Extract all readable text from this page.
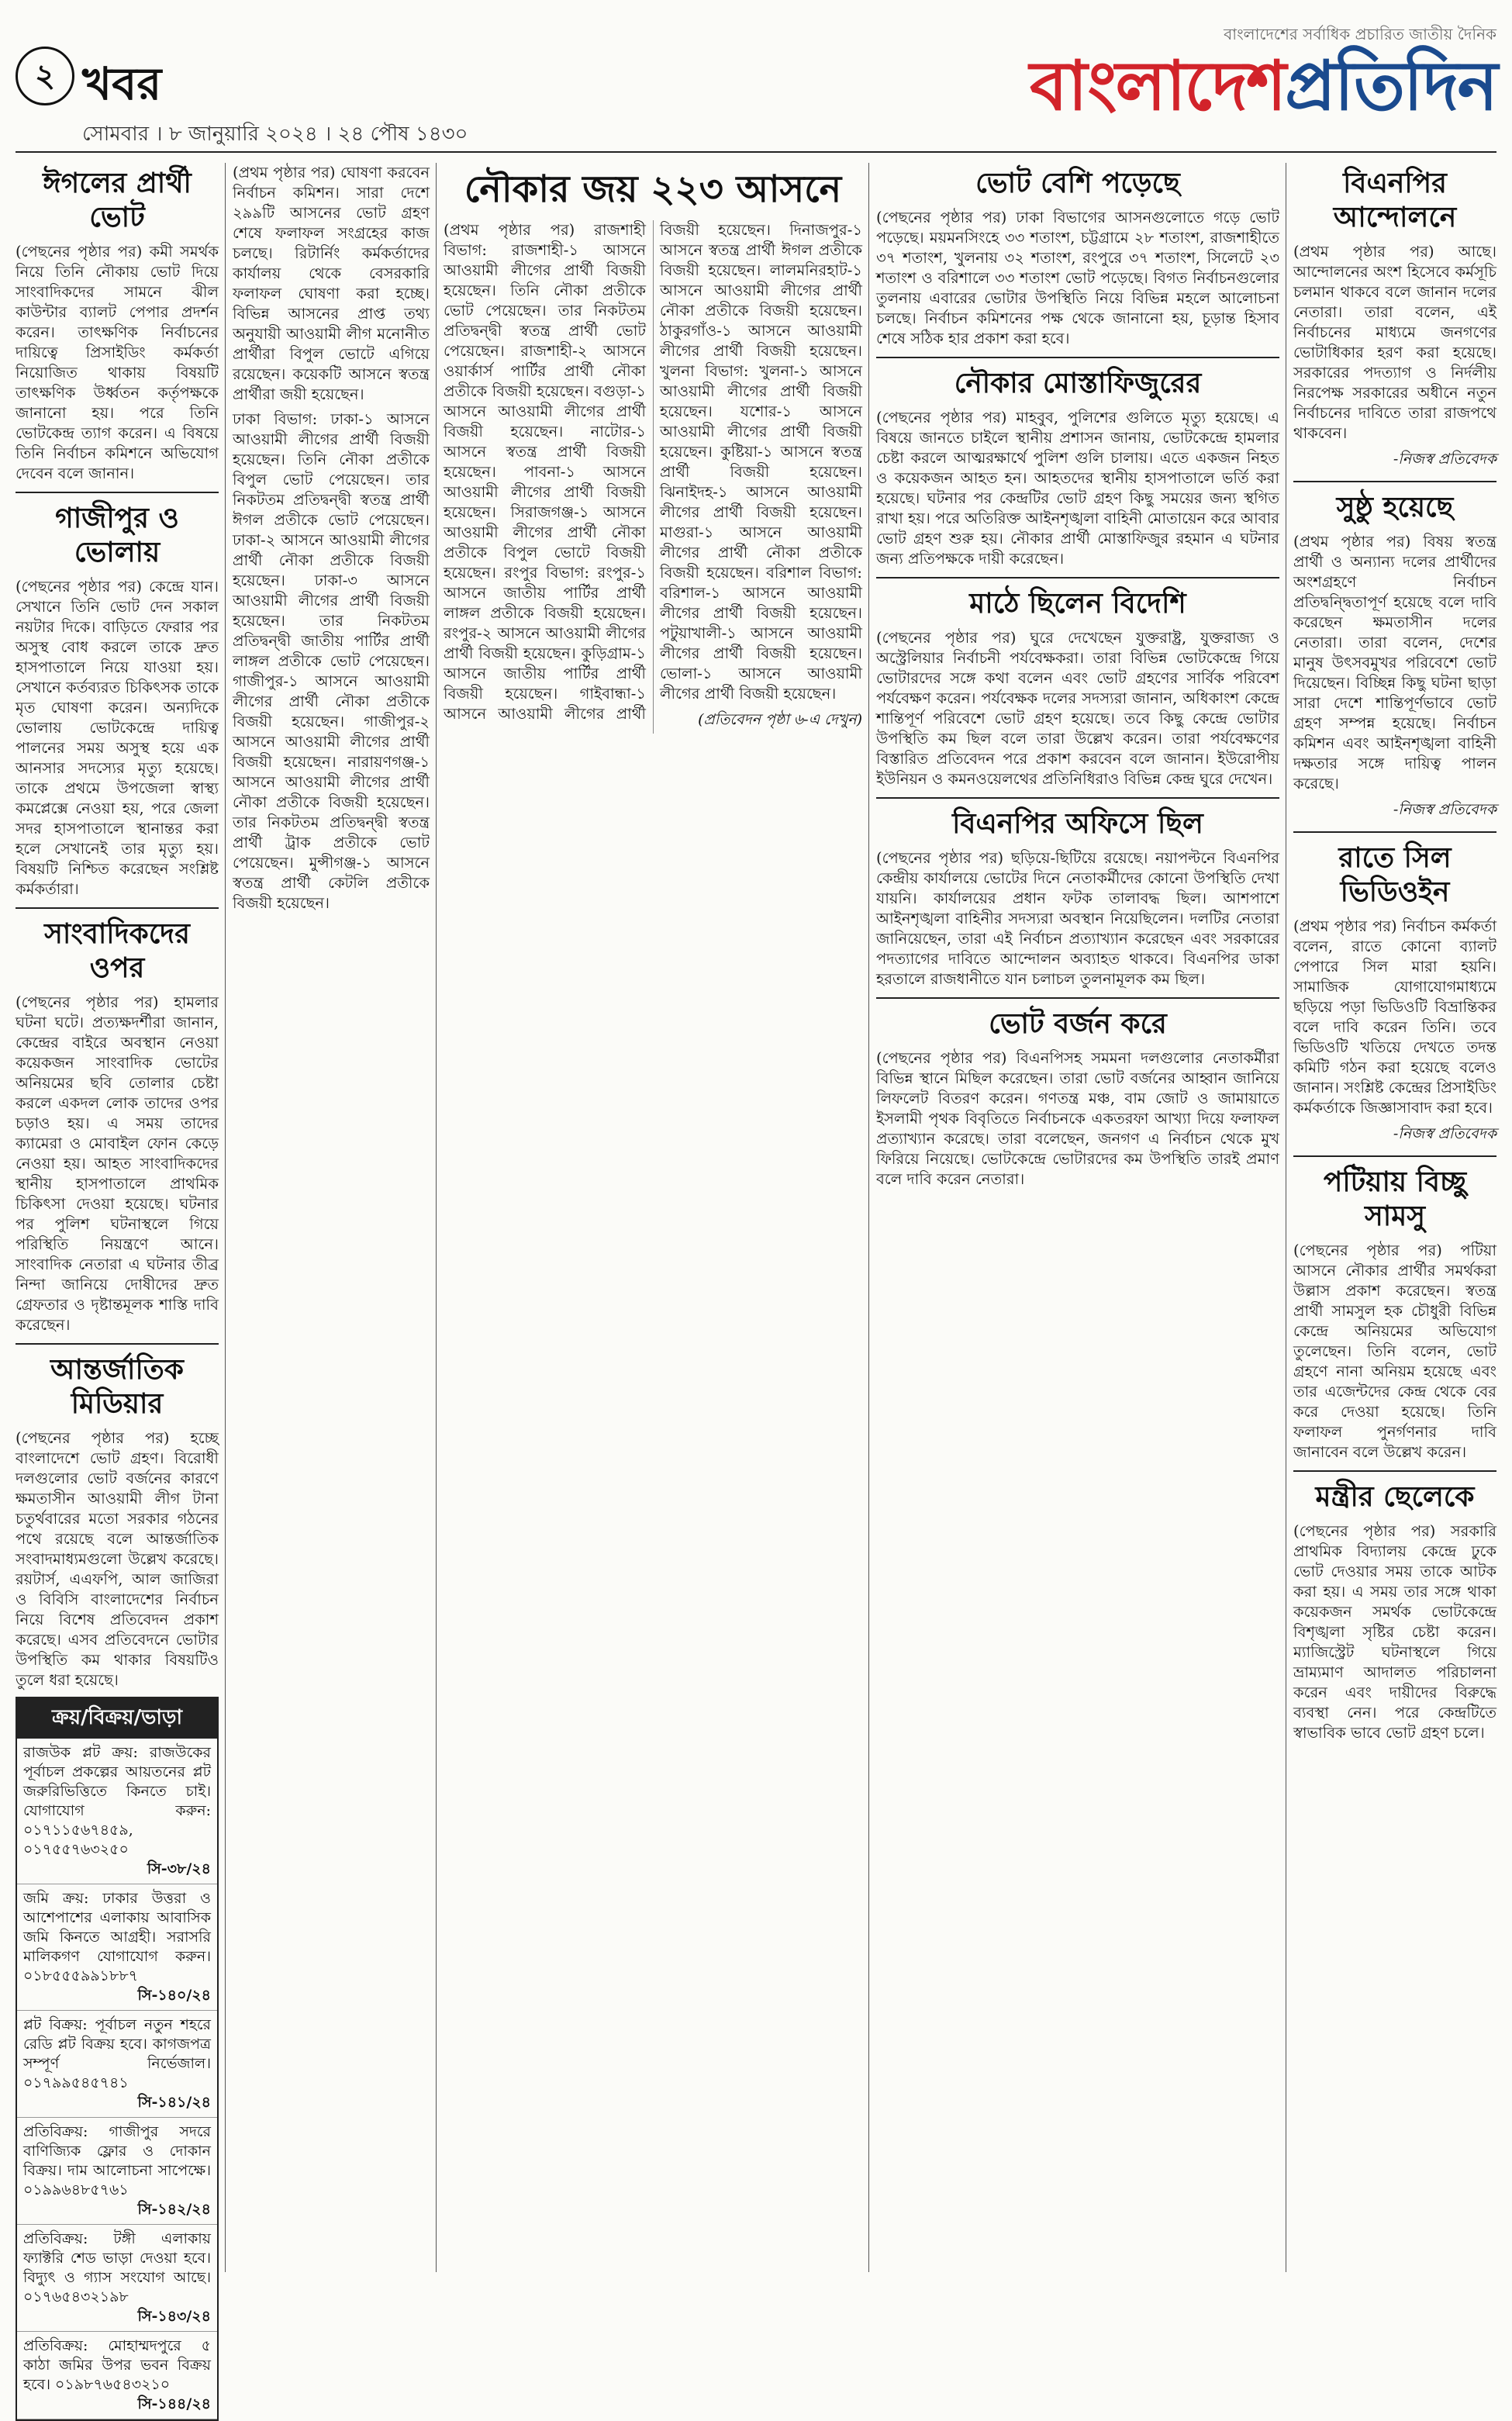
২ খবর
সোমবার । ৮ জানুয়ারি ২০২৪ । ২৪ পৌষ ১৪৩০
বাংলাদেশের সর্বাধিক প্রচারিত জাতীয় দৈনিক
বাংলাদেশপ্রতিদিন
ঈগলের প্রার্থী ভোট

(পেছনের পৃষ্ঠার পর) কমী সমর্থক নিয়ে তিনি নৌকায় ভোট দিয়ে সাংবাদিকদের সামনে ঝীল কাউন্টার ব্যালট পেপার প্রদর্শন করেন। তাৎক্ষণিক নির্বাচনের দায়িত্বে প্রিসাইডিং কর্মকর্তা নিয়োজিত থাকায় বিষয়টি তাৎক্ষণিক উর্ধ্বতন কর্তৃপক্ষকে জানানো হয়। পরে তিনি ভোটকেন্দ্র ত্যাগ করেন। এ বিষয়ে তিনি নির্বাচন কমিশনে অভিযোগ দেবেন বলে জানান।

গাজীপুর ও ভোলায়

(পেছনের পৃষ্ঠার পর) কেন্দ্রে যান। সেখানে তিনি ভোট দেন সকাল নয়টার দিকে। বাড়িতে ফেরার পর অসুস্থ বোধ করলে তাকে দ্রুত হাসপাতালে নিয়ে যাওয়া হয়। সেখানে কর্তব্যরত চিকিৎসক তাকে মৃত ঘোষণা করেন। অন্যদিকে ভোলায় ভোটকেন্দ্রে দায়িত্ব পালনের সময় অসুস্থ হয়ে এক আনসার সদস্যের মৃত্যু হয়েছে। তাকে প্রথমে উপজেলা স্বাস্থ্য কমপ্লেক্সে নেওয়া হয়, পরে জেলা সদর হাসপাতালে স্থানান্তর করা হলে সেখানেই তার মৃত্যু হয়। বিষয়টি নিশ্চিত করেছেন সংশ্লিষ্ট কর্মকর্তারা।

সাংবাদিকদের ওপর

(পেছনের পৃষ্ঠার পর) হামলার ঘটনা ঘটে। প্রত্যক্ষদর্শীরা জানান, কেন্দ্রের বাইরে অবস্থান নেওয়া কয়েকজন সাংবাদিক ভোটের অনিয়মের ছবি তোলার চেষ্টা করলে একদল লোক তাদের ওপর চড়াও হয়। এ সময় তাদের ক্যামেরা ও মোবাইল ফোন কেড়ে নেওয়া হয়। আহত সাংবাদিকদের স্থানীয় হাসপাতালে প্রাথমিক চিকিৎসা দেওয়া হয়েছে। ঘটনার পর পুলিশ ঘটনাস্থলে গিয়ে পরিস্থিতি নিয়ন্ত্রণে আনে। সাংবাদিক নেতারা এ ঘটনার তীব্র নিন্দা জানিয়ে দোষীদের দ্রুত গ্রেফতার ও দৃষ্টান্তমূলক শাস্তি দাবি করেছেন।

আন্তর্জাতিক মিডিয়ার

(পেছনের পৃষ্ঠার পর) হচ্ছে বাংলাদেশে ভোট গ্রহণ। বিরোধী দলগুলোর ভোট বর্জনের কারণে ক্ষমতাসীন আওয়ামী লীগ টানা চতুর্থবারের মতো সরকার গঠনের পথে রয়েছে বলে আন্তর্জাতিক সংবাদমাধ্যমগুলো উল্লেখ করেছে। রয়টার্স, এএফপি, আল জাজিরা ও বিবিসি বাংলাদেশের নির্বাচন নিয়ে বিশেষ প্রতিবেদন প্রকাশ করেছে। এসব প্রতিবেদনে ভোটার উপস্থিতি কম থাকার বিষয়টিও তুলে ধরা হয়েছে।

ক্রয়/বিক্রয়/ভাড়া
রাজউক প্লট ক্রয়: রাজউকের পূর্বাচল প্রকল্পের আয়তনের প্লট জরুরিভিত্তিতে কিনতে চাই। যোগাযোগ করুন: ০১৭১১৫৬৭৪৫৯, ০১৭৫৫৭৬৩২৫০
সি-৩৮/২৪
জমি ক্রয়: ঢাকার উত্তরা ও আশেপাশের এলাকায় আবাসিক জমি কিনতে আগ্রহী। সরাসরি মালিকগণ যোগাযোগ করুন। ০১৮৫৫৫৯৯১৮৮৭
সি-১৪০/২৪
প্লট বিক্রয়: পূর্বাচল নতুন শহরে রেডি প্লট বিক্রয় হবে। কাগজপত্র সম্পূর্ণ নির্ভেজাল। ০১৭৯৯৫৪৫৭৪১
সি-১৪১/২৪
প্রতিবিক্রয়: গাজীপুর সদরে বাণিজ্যিক ফ্লোর ও দোকান বিক্রয়। দাম আলোচনা সাপেক্ষে। ০১৯৯৬৪৮৫৭৬১
সি-১৪২/২৪
প্রতিবিক্রয়: টঙ্গী এলাকায় ফ্যাক্টরি শেড ভাড়া দেওয়া হবে। বিদ্যুৎ ও গ্যাস সংযোগ আছে। ০১৭৬৫৪৩২১৯৮
সি-১৪৩/২৪
প্রতিবিক্রয়: মোহাম্মদপুরে ৫ কাঠা জমির উপর ভবন বিক্রয় হবে। ০১৯৮৭৬৫৪৩২১০
সি-১৪৪/২৪

(প্রথম পৃষ্ঠার পর) ঘোষণা করবেন নির্বাচন কমিশন। সারা দেশে ২৯৯টি আসনের ভোট গ্রহণ শেষে ফলাফল সংগ্রহের কাজ চলছে। রিটার্নিং কর্মকর্তাদের কার্যালয় থেকে বেসরকারি ফলাফল ঘোষণা করা হচ্ছে। বিভিন্ন আসনের প্রাপ্ত তথ্য অনুযায়ী আওয়ামী লীগ মনোনীত প্রার্থীরা বিপুল ভোটে এগিয়ে রয়েছেন। কয়েকটি আসনে স্বতন্ত্র প্রার্থীরা জয়ী হয়েছেন।

ঢাকা বিভাগ: ঢাকা-১ আসনে আওয়ামী লীগের প্রার্থী বিজয়ী হয়েছেন। তিনি নৌকা প্রতীকে বিপুল ভোট পেয়েছেন। তার নিকটতম প্রতিদ্বন্দ্বী স্বতন্ত্র প্রার্থী ঈগল প্রতীকে ভোট পেয়েছেন। ঢাকা-২ আসনে আওয়ামী লীগের প্রার্থী নৌকা প্রতীকে বিজয়ী হয়েছেন। ঢাকা-৩ আসনে আওয়ামী লীগের প্রার্থী বিজয়ী হয়েছেন। তার নিকটতম প্রতিদ্বন্দ্বী জাতীয় পার্টির প্রার্থী লাঙ্গল প্রতীকে ভোট পেয়েছেন। গাজীপুর-১ আসনে আওয়ামী লীগের প্রার্থী নৌকা প্রতীকে বিজয়ী হয়েছেন। গাজীপুর-২ আসনে আওয়ামী লীগের প্রার্থী বিজয়ী হয়েছেন। নারায়ণগঞ্জ-১ আসনে আওয়ামী লীগের প্রার্থী নৌকা প্রতীকে বিজয়ী হয়েছেন। তার নিকটতম প্রতিদ্বন্দ্বী স্বতন্ত্র প্রার্থী ট্রাক প্রতীকে ভোট পেয়েছেন। মুন্সীগঞ্জ-১ আসনে স্বতন্ত্র প্রার্থী কেটলি প্রতীকে বিজয়ী হয়েছেন।

নৌকার জয় ২২৩ আসনে

(প্রথম পৃষ্ঠার পর) রাজশাহী বিভাগ: রাজশাহী-১ আসনে আওয়ামী লীগের প্রার্থী বিজয়ী হয়েছেন। তিনি নৌকা প্রতীকে ভোট পেয়েছেন। তার নিকটতম প্রতিদ্বন্দ্বী স্বতন্ত্র প্রার্থী ভোট পেয়েছেন। রাজশাহী-২ আসনে ওয়ার্কার্স পার্টির প্রার্থী নৌকা প্রতীকে বিজয়ী হয়েছেন। বগুড়া-১ আসনে আওয়ামী লীগের প্রার্থী বিজয়ী হয়েছেন। নাটোর-১ আসনে স্বতন্ত্র প্রার্থী বিজয়ী হয়েছেন। পাবনা-১ আসনে আওয়ামী লীগের প্রার্থী বিজয়ী হয়েছেন। সিরাজগঞ্জ-১ আসনে আওয়ামী লীগের প্রার্থী নৌকা প্রতীকে বিপুল ভোটে বিজয়ী হয়েছেন। রংপুর বিভাগ: রংপুর-১ আসনে জাতীয় পার্টির প্রার্থী লাঙ্গল প্রতীকে বিজয়ী হয়েছেন। রংপুর-২ আসনে আওয়ামী লীগের প্রার্থী বিজয়ী হয়েছেন। কুড়িগ্রাম-১ আসনে জাতীয় পার্টির প্রার্থী বিজয়ী হয়েছেন। গাইবান্ধা-১ আসনে আওয়ামী লীগের প্রার্থী বিজয়ী হয়েছেন। দিনাজপুর-১ আসনে স্বতন্ত্র প্রার্থী ঈগল প্রতীকে বিজয়ী হয়েছেন। লালমনিরহাট-১ আসনে আওয়ামী লীগের প্রার্থী নৌকা প্রতীকে বিজয়ী হয়েছেন। ঠাকুরগাঁও-১ আসনে আওয়ামী লীগের প্রার্থী বিজয়ী হয়েছেন। খুলনা বিভাগ: খুলনা-১ আসনে আওয়ামী লীগের প্রার্থী বিজয়ী হয়েছেন। যশোর-১ আসনে আওয়ামী লীগের প্রার্থী বিজয়ী হয়েছেন। কুষ্টিয়া-১ আসনে স্বতন্ত্র প্রার্থী বিজয়ী হয়েছেন। ঝিনাইদহ-১ আসনে আওয়ামী লীগের প্রার্থী বিজয়ী হয়েছেন। মাগুরা-১ আসনে আওয়ামী লীগের প্রার্থী নৌকা প্রতীকে বিজয়ী হয়েছেন। বরিশাল বিভাগ: বরিশাল-১ আসনে আওয়ামী লীগের প্রার্থী বিজয়ী হয়েছেন। পটুয়াখালী-১ আসনে আওয়ামী লীগের প্রার্থী বিজয়ী হয়েছেন। ভোলা-১ আসনে আওয়ামী লীগের প্রার্থী বিজয়ী হয়েছেন।

(প্রতিবেদন পৃষ্ঠা ৬-এ দেখুন)
ভোট বেশি পড়েছে

(পেছনের পৃষ্ঠার পর) ঢাকা বিভাগের আসনগুলোতে গড়ে ভোট পড়েছে। ময়মনসিংহে ৩৩ শতাংশ, চট্টগ্রামে ২৮ শতাংশ, রাজশাহীতে ৩৭ শতাংশ, খুলনায় ৩২ শতাংশ, রংপুরে ৩৭ শতাংশ, সিলেটে ২৩ শতাংশ ও বরিশালে ৩৩ শতাংশ ভোট পড়েছে। বিগত নির্বাচনগুলোর তুলনায় এবারের ভোটার উপস্থিতি নিয়ে বিভিন্ন মহলে আলোচনা চলছে। নির্বাচন কমিশনের পক্ষ থেকে জানানো হয়, চূড়ান্ত হিসাব শেষে সঠিক হার প্রকাশ করা হবে।

নৌকার মোস্তাফিজুরের

(পেছনের পৃষ্ঠার পর) মাহবুব, পুলিশের গুলিতে মৃত্যু হয়েছে। এ বিষয়ে জানতে চাইলে স্থানীয় প্রশাসন জানায়, ভোটকেন্দ্রে হামলার চেষ্টা করলে আত্মরক্ষার্থে পুলিশ গুলি চালায়। এতে একজন নিহত ও কয়েকজন আহত হন। আহতদের স্থানীয় হাসপাতালে ভর্তি করা হয়েছে। ঘটনার পর কেন্দ্রটির ভোট গ্রহণ কিছু সময়ের জন্য স্থগিত রাখা হয়। পরে অতিরিক্ত আইনশৃঙ্খলা বাহিনী মোতায়েন করে আবার ভোট গ্রহণ শুরু হয়। নৌকার প্রার্থী মোস্তাফিজুর রহমান এ ঘটনার জন্য প্রতিপক্ষকে দায়ী করেছেন।

মাঠে ছিলেন বিদেশি

(পেছনের পৃষ্ঠার পর) ঘুরে দেখেছেন যুক্তরাষ্ট্র, যুক্তরাজ্য ও অস্ট্রেলিয়ার নির্বাচনী পর্যবেক্ষকরা। তারা বিভিন্ন ভোটকেন্দ্রে গিয়ে ভোটারদের সঙ্গে কথা বলেন এবং ভোট গ্রহণের সার্বিক পরিবেশ পর্যবেক্ষণ করেন। পর্যবেক্ষক দলের সদস্যরা জানান, অধিকাংশ কেন্দ্রে শান্তিপূর্ণ পরিবেশে ভোট গ্রহণ হয়েছে। তবে কিছু কেন্দ্রে ভোটার উপস্থিতি কম ছিল বলে তারা উল্লেখ করেন। তারা পর্যবেক্ষণের বিস্তারিত প্রতিবেদন পরে প্রকাশ করবেন বলে জানান। ইউরোপীয় ইউনিয়ন ও কমনওয়েলথের প্রতিনিধিরাও বিভিন্ন কেন্দ্র ঘুরে দেখেন।

বিএনপির অফিসে ছিল

(পেছনের পৃষ্ঠার পর) ছড়িয়ে-ছিটিয়ে রয়েছে। নয়াপল্টনে বিএনপির কেন্দ্রীয় কার্যালয়ে ভোটের দিনে নেতাকর্মীদের কোনো উপস্থিতি দেখা যায়নি। কার্যালয়ের প্রধান ফটক তালাবদ্ধ ছিল। আশপাশে আইনশৃঙ্খলা বাহিনীর সদস্যরা অবস্থান নিয়েছিলেন। দলটির নেতারা জানিয়েছেন, তারা এই নির্বাচন প্রত্যাখ্যান করেছেন এবং সরকারের পদত্যাগের দাবিতে আন্দোলন অব্যাহত থাকবে। বিএনপির ডাকা হরতালে রাজধানীতে যান চলাচল তুলনামূলক কম ছিল।

ভোট বর্জন করে

(পেছনের পৃষ্ঠার পর) বিএনপিসহ সমমনা দলগুলোর নেতাকর্মীরা বিভিন্ন স্থানে মিছিল করেছেন। তারা ভোট বর্জনের আহ্বান জানিয়ে লিফলেট বিতরণ করেন। গণতন্ত্র মঞ্চ, বাম জোট ও জামায়াতে ইসলামী পৃথক বিবৃতিতে নির্বাচনকে একতরফা আখ্যা দিয়ে ফলাফল প্রত্যাখ্যান করেছে। তারা বলেছেন, জনগণ এ নির্বাচন থেকে মুখ ফিরিয়ে নিয়েছে। ভোটকেন্দ্রে ভোটারদের কম উপস্থিতি তারই প্রমাণ বলে দাবি করেন নেতারা।

বিএনপির আন্দোলনে

(প্রথম পৃষ্ঠার পর) আছে। আন্দোলনের অংশ হিসেবে কর্মসূচি চলমান থাকবে বলে জানান দলের নেতারা। তারা বলেন, এই নির্বাচনের মাধ্যমে জনগণের ভোটাধিকার হরণ করা হয়েছে। সরকারের পদত্যাগ ও নির্দলীয় নিরপেক্ষ সরকারের অধীনে নতুন নির্বাচনের দাবিতে তারা রাজপথে থাকবেন।

-নিজস্ব প্রতিবেদক
সুষ্ঠু হয়েছে

(প্রথম পৃষ্ঠার পর) বিষয় স্বতন্ত্র প্রার্থী ও অন্যান্য দলের প্রার্থীদের অংশগ্রহণে নির্বাচন প্রতিদ্বন্দ্বিতাপূর্ণ হয়েছে বলে দাবি করেছেন ক্ষমতাসীন দলের নেতারা। তারা বলেন, দেশের মানুষ উৎসবমুখর পরিবেশে ভোট দিয়েছেন। বিচ্ছিন্ন কিছু ঘটনা ছাড়া সারা দেশে শান্তিপূর্ণভাবে ভোট গ্রহণ সম্পন্ন হয়েছে। নির্বাচন কমিশন এবং আইনশৃঙ্খলা বাহিনী দক্ষতার সঙ্গে দায়িত্ব পালন করেছে।

-নিজস্ব প্রতিবেদক
রাতে সিল ভিডিওইন

(প্রথম পৃষ্ঠার পর) নির্বাচন কর্মকর্তা বলেন, রাতে কোনো ব্যালট পেপারে সিল মারা হয়নি। সামাজিক যোগাযোগমাধ্যমে ছড়িয়ে পড়া ভিডিওটি বিভ্রান্তিকর বলে দাবি করেন তিনি। তবে ভিডিওটি খতিয়ে দেখতে তদন্ত কমিটি গঠন করা হয়েছে বলেও জানান। সংশ্লিষ্ট কেন্দ্রের প্রিসাইডিং কর্মকর্তাকে জিজ্ঞাসাবাদ করা হবে।

-নিজস্ব প্রতিবেদক
পটিয়ায় বিচ্ছু সামসু

(পেছনের পৃষ্ঠার পর) পটিয়া আসনে নৌকার প্রার্থীর সমর্থকরা উল্লাস প্রকাশ করেছেন। স্বতন্ত্র প্রার্থী সামসুল হক চৌধুরী বিভিন্ন কেন্দ্রে অনিয়মের অভিযোগ তুলেছেন। তিনি বলেন, ভোট গ্রহণে নানা অনিয়ম হয়েছে এবং তার এজেন্টদের কেন্দ্র থেকে বের করে দেওয়া হয়েছে। তিনি ফলাফল পুনর্গণনার দাবি জানাবেন বলে উল্লেখ করেন।

মন্ত্রীর ছেলেকে

(পেছনের পৃষ্ঠার পর) সরকারি প্রাথমিক বিদ্যালয় কেন্দ্রে ঢুকে ভোট দেওয়ার সময় তাকে আটক করা হয়। এ সময় তার সঙ্গে থাকা কয়েকজন সমর্থক ভোটকেন্দ্রে বিশৃঙ্খলা সৃষ্টির চেষ্টা করেন। ম্যাজিস্ট্রেট ঘটনাস্থলে গিয়ে ভ্রাম্যমাণ আদালত পরিচালনা করেন এবং দায়ীদের বিরুদ্ধে ব্যবস্থা নেন। পরে কেন্দ্রটিতে স্বাভাবিক ভাবে ভোট গ্রহণ চলে।
